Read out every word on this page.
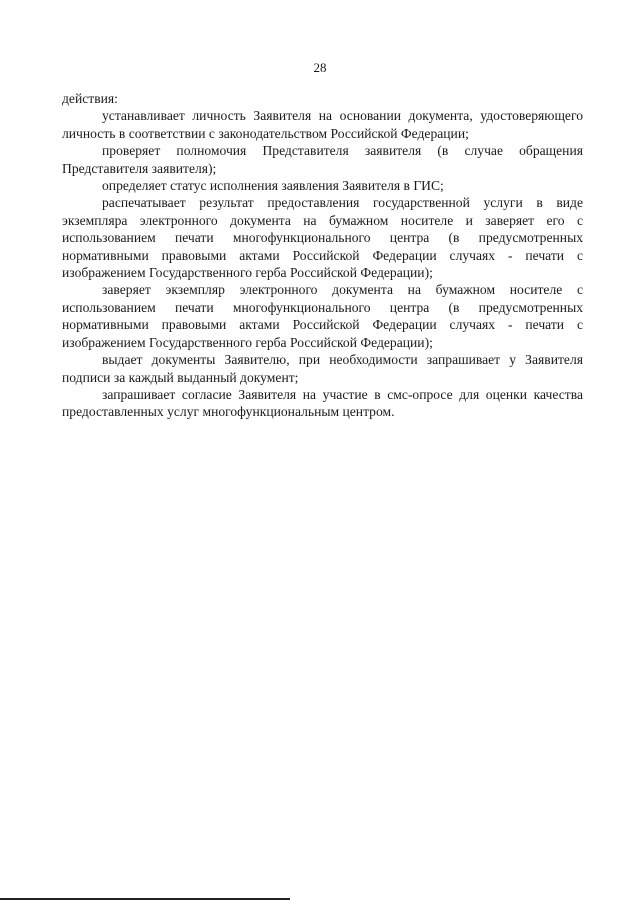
28

действия:

устанавливает личность Заявителя на основании документа, удостоверяющего личность в соответствии с законодательством Российской Федерации;

проверяет полномочия Представителя заявителя (в случае обращения Представителя заявителя);

определяет статус исполнения заявления Заявителя в ГИС;

распечатывает результат предоставления государственной услуги в виде экземпляра электронного документа на бумажном носителе и заверяет его с использованием печати многофункционального центра (в предусмотренных нормативными правовыми актами Российской Федерации случаях - печати с изображением Государственного герба Российской Федерации);

заверяет экземпляр электронного документа на бумажном носителе с использованием печати многофункционального центра (в предусмотренных нормативными правовыми актами Российской Федерации случаях - печати с изображением Государственного герба Российской Федерации);

выдает документы Заявителю, при необходимости запрашивает у Заявителя подписи за каждый выданный документ;

запрашивает согласие Заявителя на участие в смс-опросе для оценки качества предоставленных услуг многофункциональным центром.
